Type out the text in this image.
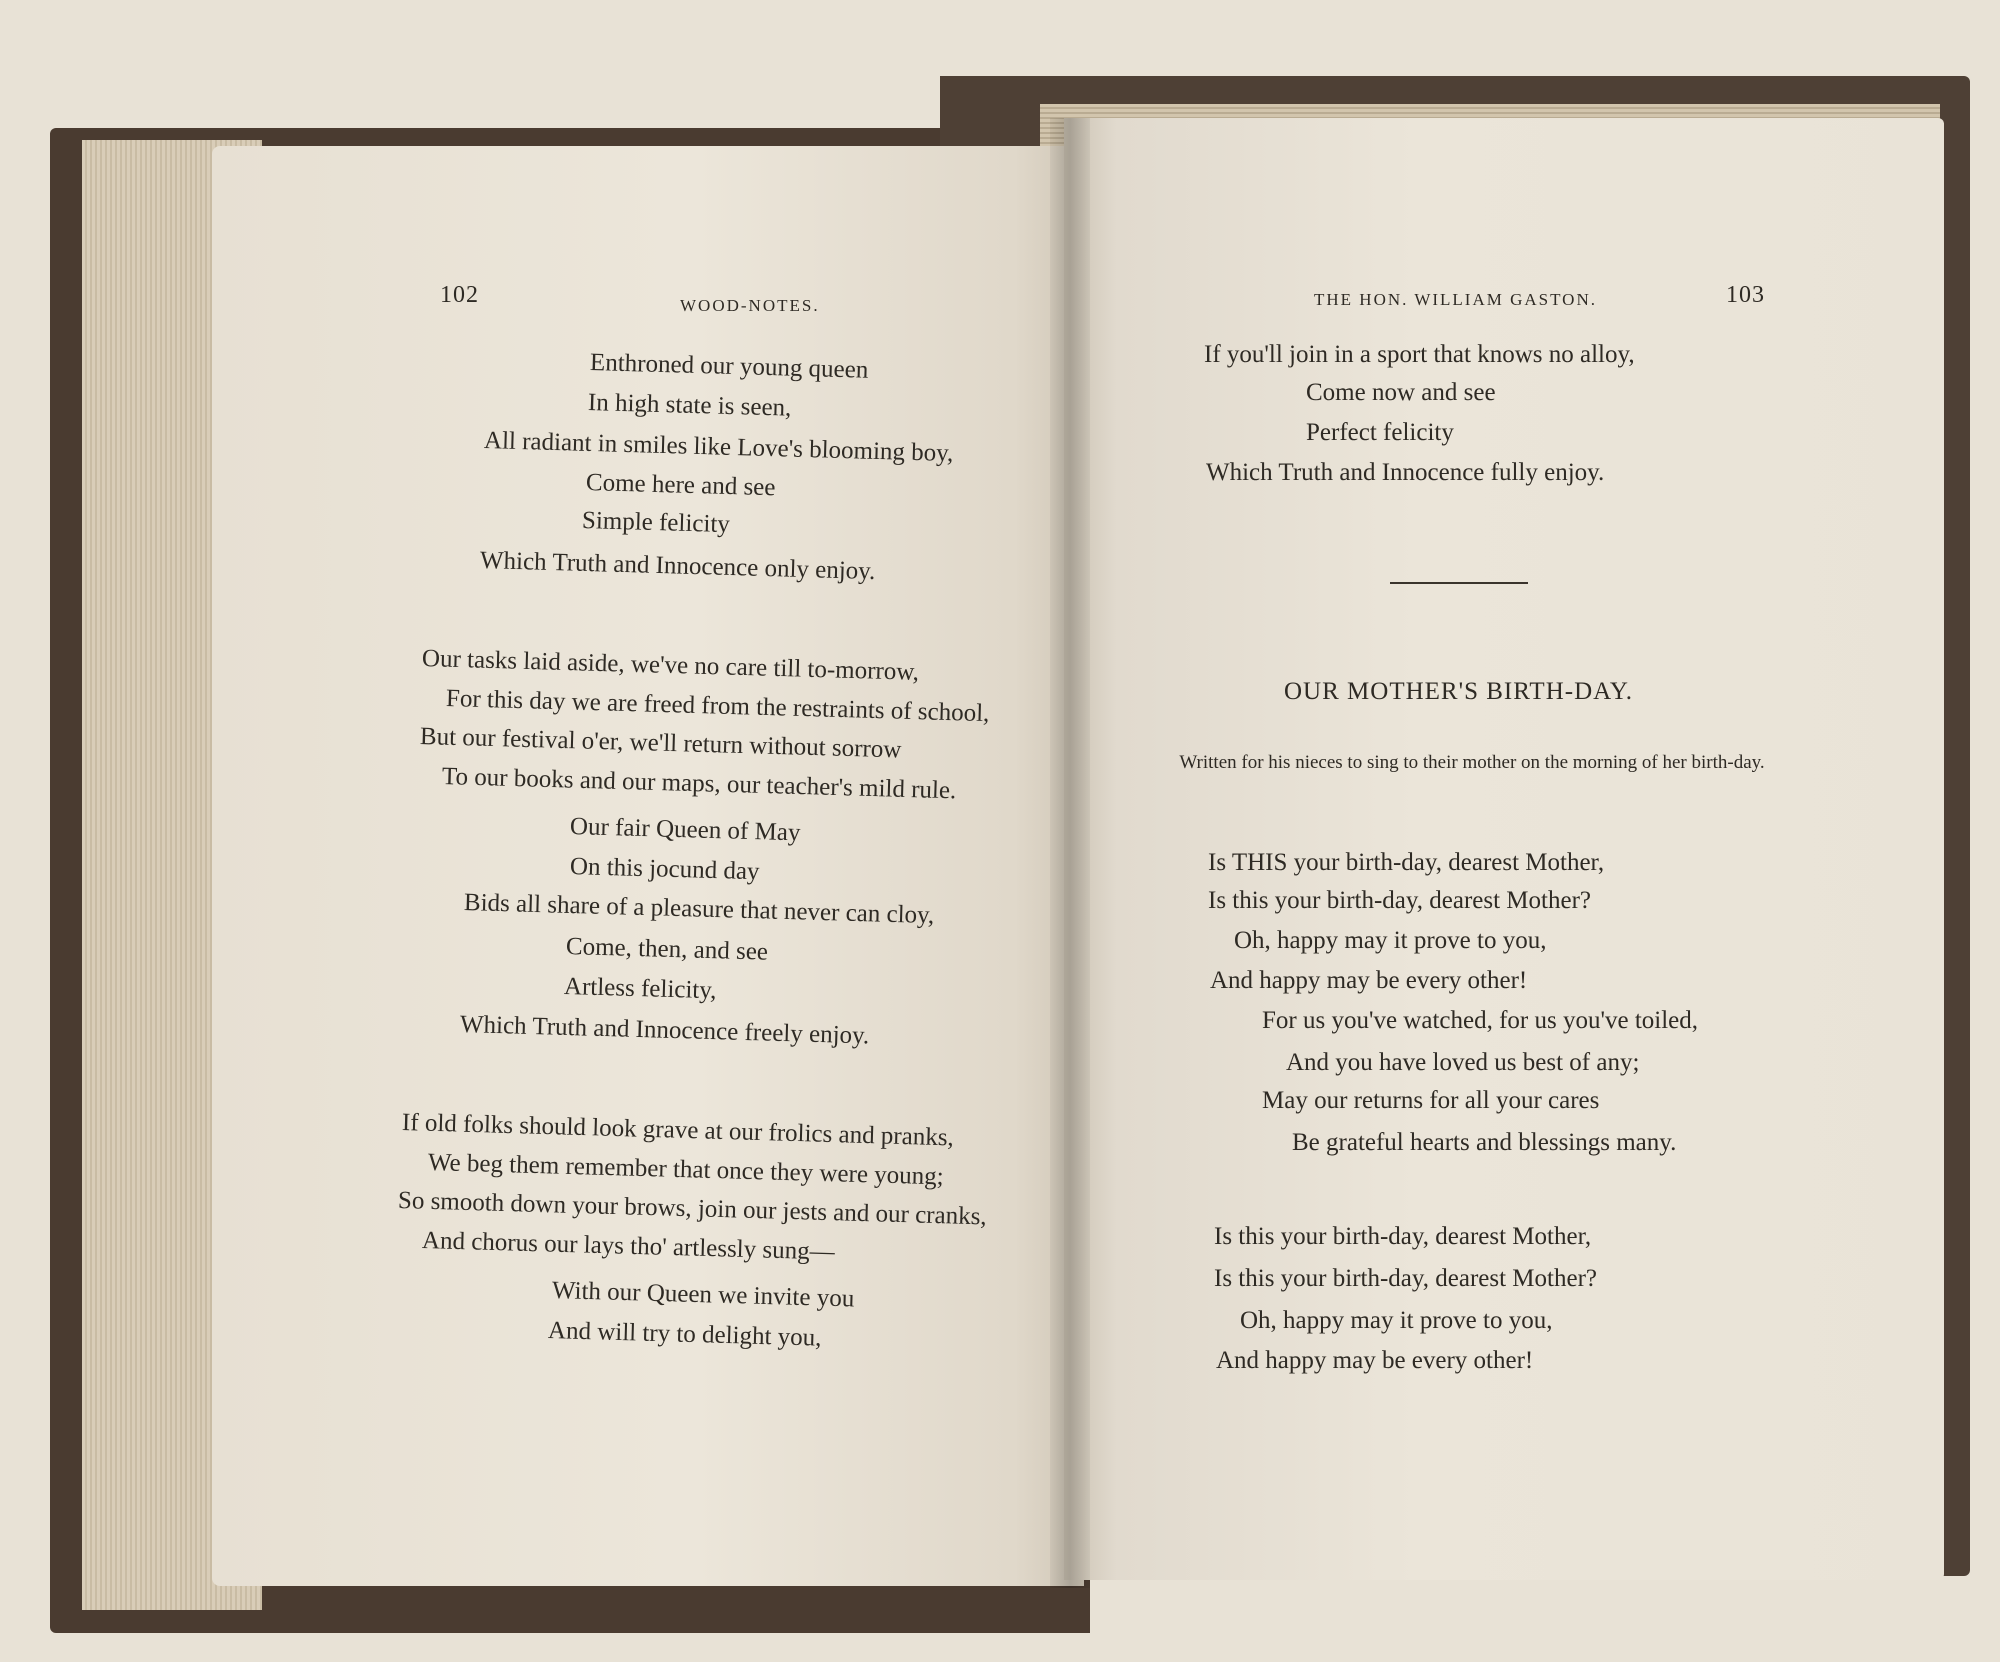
102	WOOD-NOTES.
Enthroned our young queen
In high state is seen,
All radiant in smiles like Love's blooming boy,
Come here and see
Simple felicity
Which Truth and Innocence only enjoy.
Our tasks laid aside, we've no care till to-morrow,
For this day we are freed from the restraints of school,
But our festival o'er, we'll return without sorrow
To our books and our maps, our teacher's mild rule.
Our fair Queen of May
On this jocund day
Bids all share of a pleasure that never can cloy,
Come, then, and see
Artless felicity,
Which Truth and Innocence freely enjoy.
If old folks should look grave at our frolics and pranks,
We beg them remember that once they were young;
So smooth down your brows, join our jests and our cranks,
And chorus our lays tho' artlessly sung—
With our Queen we invite you
And will try to delight you,
THE HON. WILLIAM GASTON.	103
If you'll join in a sport that knows no alloy,
Come now and see
Perfect felicity
Which Truth and Innocence fully enjoy.
OUR MOTHER'S BIRTH-DAY.
Written for his nieces to sing to their mother on the morning of her birth-day.
Is THIS your birth-day, dearest Mother,
Is this your birth-day, dearest Mother?
Oh, happy may it prove to you,
And happy may be every other!
For us you've watched, for us you've toiled,
And you have loved us best of any;
May our returns for all your cares
Be grateful hearts and blessings many.
Is this your birth-day, dearest Mother,
Is this your birth-day, dearest Mother?
Oh, happy may it prove to you,
And happy may be every other!
